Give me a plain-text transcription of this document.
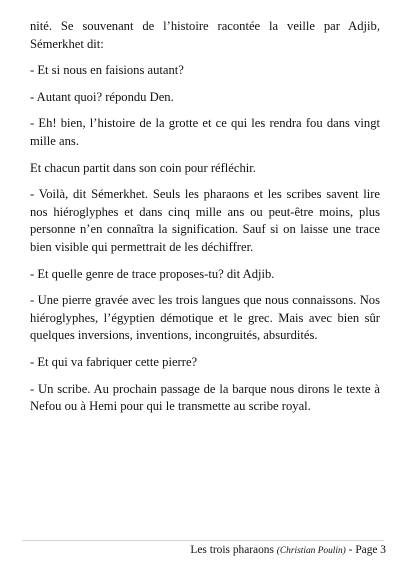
nité. Se souvenant de l’histoire racontée la veille par Adjib, Sémerkhet dit:

- Et si nous en faisions autant?

- Autant quoi? répondu Den.

- Eh! bien, l’histoire de la grotte et ce qui les rendra fou dans vingt mille ans.

Et chacun partit dans son coin pour réfléchir.

- Voilà, dit Sémerkhet. Seuls les pharaons et les scribes savent lire nos hiéroglyphes et dans cinq mille ans ou peut-être moins, plus personne n’en connaîtra la signification. Sauf si on laisse une trace bien visible qui permettrait de les déchiffrer.

- Et quelle genre de trace proposes-tu? dit Adjib.

- Une pierre gravée avec les trois langues que nous connaissons. Nos hiéroglyphes, l’égyptien démotique et le grec. Mais avec bien sûr quelques inversions, inventions, incongruités, absurdités.

- Et qui va fabriquer cette pierre?

- Un scribe. Au prochain passage de la barque nous dirons le texte à Nefou ou à Hemi pour qui le transmette au scribe royal.

Les trois pharaons (Christian Poulin) - Page 3
